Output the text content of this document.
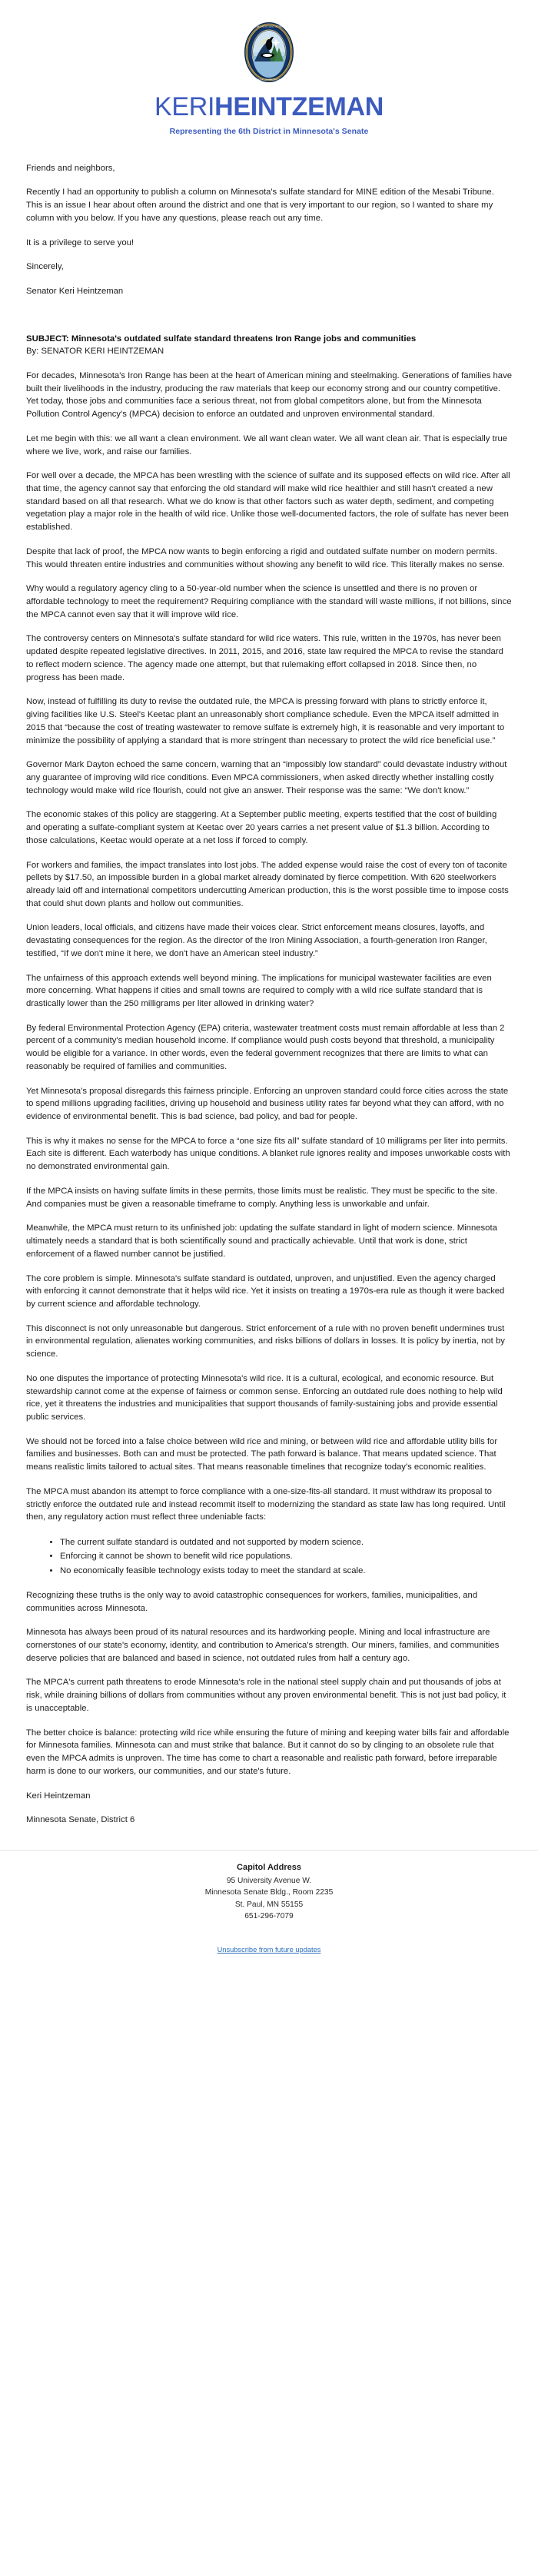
THE GREAT SEAL OF THE
STATE OF MINNESOTA
KERIHEINTZEMAN
Representing the 6th District in Minnesota's Senate

Friends and neighbors,

Recently I had an opportunity to publish a column on Minnesota's sulfate standard for MINE edition of the Mesabi Tribune. This is an issue I hear about often around the district and one that is very important to our region, so I wanted to share my column with you below. If you have any questions, please reach out any time.

It is a privilege to serve you!

Sincerely,

Senator Keri Heintzeman

SUBJECT: Minnesota's outdated sulfate standard threatens Iron Range jobs and communities
By: SENATOR KERI HEINTZEMAN

For decades, Minnesota's Iron Range has been at the heart of American mining and steelmaking. Generations of families have built their livelihoods in the industry, producing the raw materials that keep our economy strong and our country competitive. Yet today, those jobs and communities face a serious threat, not from global competitors alone, but from the Minnesota Pollution Control Agency's (MPCA) decision to enforce an outdated and unproven environmental standard.

Let me begin with this: we all want a clean environment. We all want clean water. We all want clean air. That is especially true where we live, work, and raise our families.

For well over a decade, the MPCA has been wrestling with the science of sulfate and its supposed effects on wild rice. After all that time, the agency cannot say that enforcing the old standard will make wild rice healthier and still hasn't created a new standard based on all that research. What we do know is that other factors such as water depth, sediment, and competing vegetation play a major role in the health of wild rice. Unlike those well-documented factors, the role of sulfate has never been established.

Despite that lack of proof, the MPCA now wants to begin enforcing a rigid and outdated sulfate number on modern permits. This would threaten entire industries and communities without showing any benefit to wild rice. This literally makes no sense.

Why would a regulatory agency cling to a 50-year-old number when the science is unsettled and there is no proven or affordable technology to meet the requirement? Requiring compliance with the standard will waste millions, if not billions, since the MPCA cannot even say that it will improve wild rice.

The controversy centers on Minnesota's sulfate standard for wild rice waters. This rule, written in the 1970s, has never been updated despite repeated legislative directives. In 2011, 2015, and 2016, state law required the MPCA to revise the standard to reflect modern science. The agency made one attempt, but that rulemaking effort collapsed in 2018. Since then, no progress has been made.

Now, instead of fulfilling its duty to revise the outdated rule, the MPCA is pressing forward with plans to strictly enforce it, giving facilities like U.S. Steel's Keetac plant an unreasonably short compliance schedule. Even the MPCA itself admitted in 2015 that “because the cost of treating wastewater to remove sulfate is extremely high, it is reasonable and very important to minimize the possibility of applying a standard that is more stringent than necessary to protect the wild rice beneficial use.”

Governor Mark Dayton echoed the same concern, warning that an “impossibly low standard” could devastate industry without any guarantee of improving wild rice conditions. Even MPCA commissioners, when asked directly whether installing costly technology would make wild rice flourish, could not give an answer. Their response was the same: “We don't know.”

The economic stakes of this policy are staggering. At a September public meeting, experts testified that the cost of building and operating a sulfate-compliant system at Keetac over 20 years carries a net present value of $1.3 billion. According to those calculations, Keetac would operate at a net loss if forced to comply.

For workers and families, the impact translates into lost jobs. The added expense would raise the cost of every ton of taconite pellets by $17.50, an impossible burden in a global market already dominated by fierce competition. With 620 steelworkers already laid off and international competitors undercutting American production, this is the worst possible time to impose costs that could shut down plants and hollow out communities.

Union leaders, local officials, and citizens have made their voices clear. Strict enforcement means closures, layoffs, and devastating consequences for the region. As the director of the Iron Mining Association, a fourth-generation Iron Ranger, testified, “If we don't mine it here, we don't have an American steel industry.”

The unfairness of this approach extends well beyond mining. The implications for municipal wastewater facilities are even more concerning. What happens if cities and small towns are required to comply with a wild rice sulfate standard that is drastically lower than the 250 milligrams per liter allowed in drinking water?

By federal Environmental Protection Agency (EPA) criteria, wastewater treatment costs must remain affordable at less than 2 percent of a community's median household income. If compliance would push costs beyond that threshold, a municipality would be eligible for a variance. In other words, even the federal government recognizes that there are limits to what can reasonably be required of families and communities.

Yet Minnesota's proposal disregards this fairness principle. Enforcing an unproven standard could force cities across the state to spend millions upgrading facilities, driving up household and business utility rates far beyond what they can afford, with no evidence of environmental benefit. This is bad science, bad policy, and bad for people.

This is why it makes no sense for the MPCA to force a “one size fits all” sulfate standard of 10 milligrams per liter into permits. Each site is different. Each waterbody has unique conditions. A blanket rule ignores reality and imposes unworkable costs with no demonstrated environmental gain.

If the MPCA insists on having sulfate limits in these permits, those limits must be realistic. They must be specific to the site. And companies must be given a reasonable timeframe to comply. Anything less is unworkable and unfair.

Meanwhile, the MPCA must return to its unfinished job: updating the sulfate standard in light of modern science. Minnesota ultimately needs a standard that is both scientifically sound and practically achievable. Until that work is done, strict enforcement of a flawed number cannot be justified.

The core problem is simple. Minnesota's sulfate standard is outdated, unproven, and unjustified. Even the agency charged with enforcing it cannot demonstrate that it helps wild rice. Yet it insists on treating a 1970s-era rule as though it were backed by current science and affordable technology.

This disconnect is not only unreasonable but dangerous. Strict enforcement of a rule with no proven benefit undermines trust in environmental regulation, alienates working communities, and risks billions of dollars in losses. It is policy by inertia, not by science.

No one disputes the importance of protecting Minnesota's wild rice. It is a cultural, ecological, and economic resource. But stewardship cannot come at the expense of fairness or common sense. Enforcing an outdated rule does nothing to help wild rice, yet it threatens the industries and municipalities that support thousands of family-sustaining jobs and provide essential public services.

We should not be forced into a false choice between wild rice and mining, or between wild rice and affordable utility bills for families and businesses. Both can and must be protected. The path forward is balance. That means updated science. That means realistic limits tailored to actual sites. That means reasonable timelines that recognize today's economic realities.

The MPCA must abandon its attempt to force compliance with a one-size-fits-all standard. It must withdraw its proposal to strictly enforce the outdated rule and instead recommit itself to modernizing the standard as state law has long required. Until then, any regulatory action must reflect three undeniable facts:

• The current sulfate standard is outdated and not supported by modern science.
• Enforcing it cannot be shown to benefit wild rice populations.
• No economically feasible technology exists today to meet the standard at scale.

Recognizing these truths is the only way to avoid catastrophic consequences for workers, families, municipalities, and communities across Minnesota.

Minnesota has always been proud of its natural resources and its hardworking people. Mining and local infrastructure are cornerstones of our state's economy, identity, and contribution to America's strength. Our miners, families, and communities deserve policies that are balanced and based in science, not outdated rules from half a century ago.

The MPCA's current path threatens to erode Minnesota's role in the national steel supply chain and put thousands of jobs at risk, while draining billions of dollars from communities without any proven environmental benefit. This is not just bad policy, it is unacceptable.

The better choice is balance: protecting wild rice while ensuring the future of mining and keeping water bills fair and affordable for Minnesota families. Minnesota can and must strike that balance. But it cannot do so by clinging to an obsolete rule that even the MPCA admits is unproven. The time has come to chart a reasonable and realistic path forward, before irreparable harm is done to our workers, our communities, and our state's future.

Keri Heintzeman

Minnesota Senate, District 6

Capitol Address
95 University Avenue W.
Minnesota Senate Bldg., Room 2235
St. Paul, MN 55155
651-296-7079
Unsubscribe from future updates
